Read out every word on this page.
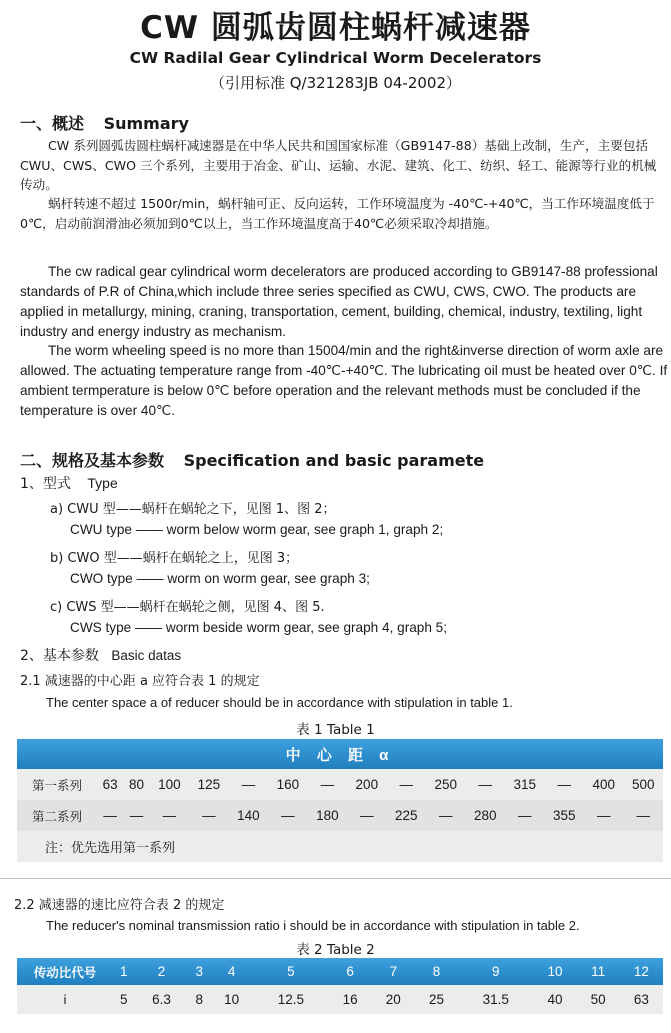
CW 圆弧齿圆柱蜗杆减速器
CW Radilal Gear Cylindrical Worm Decelerators
（引用标准 Q/321283JB 04-2002）
一、概述 Summary
CW 系列圆弧齿圆柱蜗杆减速器是在中华人民共和国国家标准（GB9147-88）基础上改制，生产，主要包括 CWU、CWS、CWO 三个系列，主要用于冶金、矿山、运输、水泥、建筑、化工、纺织、轻工、能源等行业的机械传动。
蜗杆转速不超过 1500r/min，蜗杆轴可正、反向运转，工作环境温度为 -40℃-+40℃，当工作环境温度低于0℃，启动前润滑油必须加到0℃以上，当工作环境温度高于40℃必须采取冷却措施。
The cw radical gear cylindrical worm decelerators are produced according to GB9147-88 professional standards of P.R of China,which include three series specified as CWU, CWS, CWO. The products are applied in metallurgy, mining, craning, transportation, cement, building, chemical, industry, textiling, light industry and energy industry as mechanism.
The worm wheeling speed is no more than 15004/min and the right&inverse direction of worm axle are allowed. The actuating temperature range from -40℃-+40℃. The lubricating oil must be heated over 0℃. If ambient termperature is below 0℃ before operation and the relevant methods must be concluded if the temperature is over 40℃.
二、规格及基本参数 Specification and basic paramete
1、型式 Type
a) CWU 型——蜗杆在蜗轮之下，见图 1、图 2；
CWU type —— worm below worm gear, see graph 1, graph 2;
b) CWO 型——蜗杆在蜗轮之上，见图 3；
CWO type —— worm on worm gear, see graph 3;
c) CWS 型——蜗杆在蜗轮之侧，见图 4、图 5.
CWS type —— worm beside worm gear, see graph 4, graph 5;
2、基本参数 Basic datas
2.1 减速器的中心距 a 应符合表 1 的规定
The center space a of reducer should be in accordance with stipulation in table 1.
表 1 Table 1
中 心 距 α															
第一系列	63	80	100	125	—	160	—	200	—	250	—	315	—	400	500
第二系列	—	—	—	—	140	—	180	—	225	—	280	—	355	—	—
注：优先选用第一系列															
2.2 减速器的速比应符合表 2 的规定
The reducer's nominal transmission ratio i should be in accordance with stipulation in table 2.
表 2 Table 2
传动比代号	1	2	3	4	5	6	7	8	9	10	11	12
i	5	6.3	8	10	12.5	16	20	25	31.5	40	50	63
